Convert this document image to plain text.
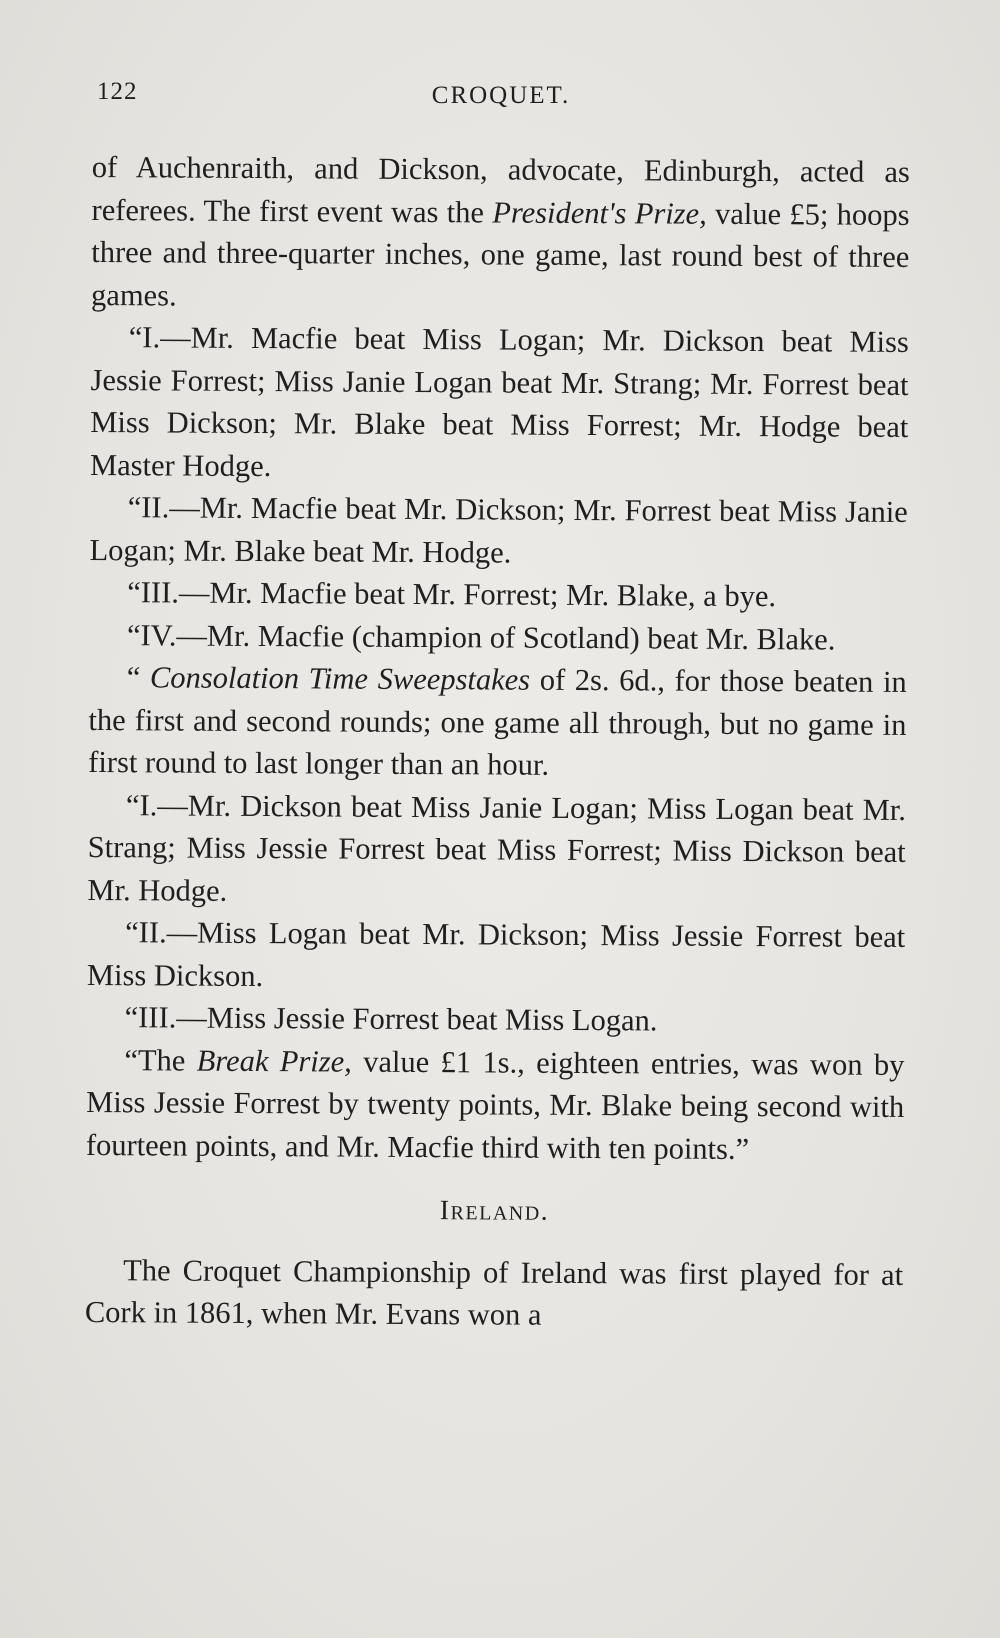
122	CROQUET.

of Auchenraith, and Dickson, advocate, Edinburgh, acted as referees. The first event was the President's Prize, value £5; hoops three and three-quarter inches, one game, last round best of three games.

“I.—Mr. Macfie beat Miss Logan; Mr. Dickson beat Miss Jessie Forrest; Miss Janie Logan beat Mr. Strang; Mr. Forrest beat Miss Dickson; Mr. Blake beat Miss Forrest; Mr. Hodge beat Master Hodge.

“II.—Mr. Macfie beat Mr. Dickson; Mr. Forrest beat Miss Janie Logan; Mr. Blake beat Mr. Hodge.

“III.—Mr. Macfie beat Mr. Forrest; Mr. Blake, a bye.

“IV.—Mr. Macfie (champion of Scotland) beat Mr. Blake.

“ Consolation Time Sweepstakes of 2s. 6d., for those beaten in the first and second rounds; one game all through, but no game in first round to last longer than an hour.

“I.—Mr. Dickson beat Miss Janie Logan; Miss Logan beat Mr. Strang; Miss Jessie Forrest beat Miss Forrest; Miss Dickson beat Mr. Hodge.

“II.—Miss Logan beat Mr. Dickson; Miss Jessie Forrest beat Miss Dickson.

“III.—Miss Jessie Forrest beat Miss Logan.

“The Break Prize, value £1 1s., eighteen entries, was won by Miss Jessie Forrest by twenty points, Mr. Blake being second with fourteen points, and Mr. Macfie third with ten points.”

Ireland.

The Croquet Championship of Ireland was first played for at Cork in 1861, when Mr. Evans won a
